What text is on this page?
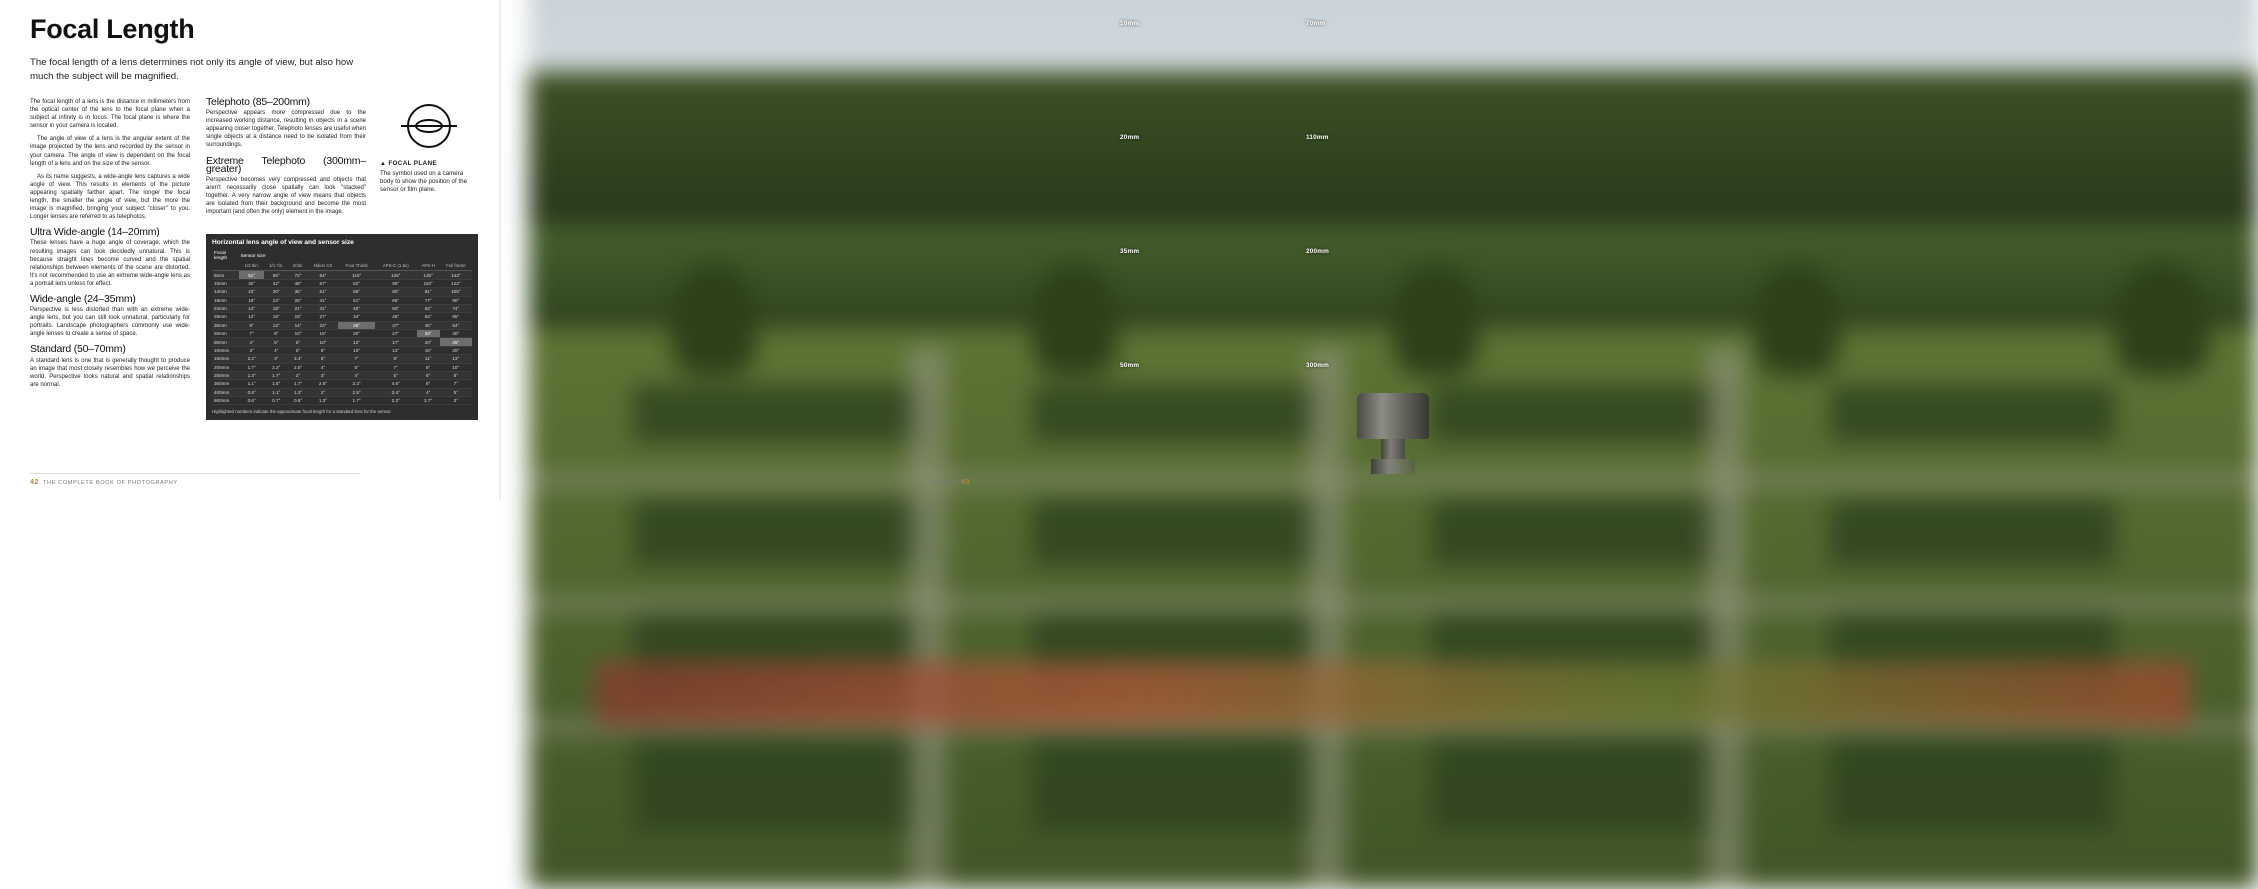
Focal Length
The focal length of a lens determines not only its angle of view, but also how much the subject will be magnified.

The focal length of a lens is the distance in millimeters from the optical center of the lens to the focal plane when a subject at infinity is in focus. The focal plane is where the sensor in your camera is located.

The angle of view of a lens is the angular extent of the image projected by the lens and recorded by the sensor in your camera. The angle of view is dependent on the focal length of a lens and on the size of the sensor.

As its name suggests, a wide-angle lens captures a wide angle of view. This results in elements of the picture appearing spatially farther apart. The longer the focal length, the smaller the angle of view, but the more the image is magnified, bringing your subject "closer" to you. Longer lenses are referred to as telephotos.

Ultra Wide-angle (14–20mm)

These lenses have a huge angle of coverage, which the resulting images can look decidedly unnatural. This is because straight lines become curved and the spatial relationships between elements of the scene are distorted. It's not recommended to use an extreme wide-angle lens as a portrait lens unless for effect.

Wide-angle (24–35mm)

Perspective is less distorted than with an extreme wide-angle lens, but you can still look unnatural, particularly for portraits. Landscape photographers commonly use wide-angle lenses to create a sense of space.

Standard (50–70mm)

A standard lens is one that is generally thought to produce an image that most closely resembles how we perceive the world. Perspective looks natural and spatial relationships are normal.

Telephoto (85–200mm)

Perspective appears more compressed due to the increased working distance, resulting in objects in a scene appearing closer together. Telephoto lenses are useful when single objects at a distance need to be isolated from their surroundings.

Extreme Telephoto (300mm–greater)

Perspective becomes very compressed and objects that aren't necessarily close spatially can look "stacked" together. A very narrow angle of view means that objects are isolated from their background and become the most important (and often the only) element in the image.

▲ FOCAL PLANE
The symbol used on a camera body to show the position of the sensor or film plane.
Horizontal lens angle of view and sensor size
Focal
length	Sensor size							
	1/2.5in.	1/1.7in.	2/3in.	Nikon CX	Four Thirds	APS-C (1.6x)	APS-H	Full frame
6mm	51°	65°	72°	94°	110°	126°	135°	143°
10mm	32°	42°	48°	67°	82°	99°	110°	122°
14mm	23°	30°	35°	51°	65°	80°	91°	105°
18mm	18°	24°	28°	41°	51°	66°	77°	90°
24mm	14°	18°	21°	31°	40°	50°	62°	74°
28mm	12°	16°	18°	27°	34°	45°	54°	65°
35mm	9°	12°	14°	22°	28°	37°	45°	54°
50mm	7°	9°	10°	15°	20°	27°	33°	40°
80mm	4°	5°	6°	10°	12°	17°	20°	25°
100mm	3°	4°	5°	8°	10°	13°	16°	20°
150mm	2.2°	3°	3.4°	5°	7°	9°	11°	13°
200mm	1.7°	2.2°	2.5°	4°	5°	7°	8°	10°
250mm	1.3°	1.7°	2°	3°	4°	5°	6°	8°
300mm	1.1°	1.5°	1.7°	2.5°	3.3°	4.5°	6°	7°
400mm	0.8°	1.1°	1.3°	2°	2.5°	3.4°	4°	5°
600mm	0.6°	0.7°	0.8°	1.3°	1.7°	2.3°	2.7°	3°
Highlighted numbers indicate the approximate focal length for a standard lens for the sensor.
42 THE COMPLETE BOOK OF PHOTOGRAPHY
10mm	70mm
20mm	110mm
35mm	200mm
50mm	300mm
LENSES 43
